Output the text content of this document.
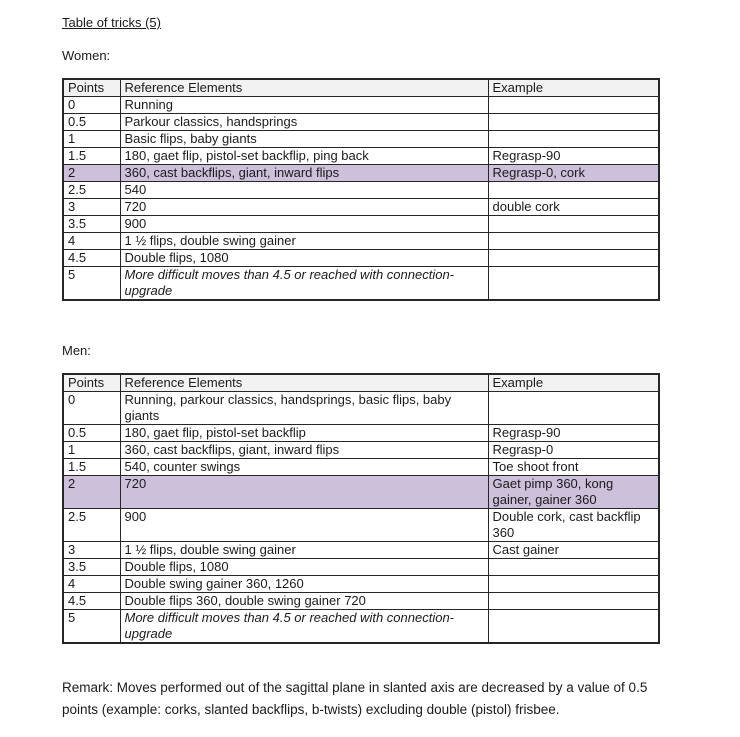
Table of tricks (5)

Women:

Points	Reference Elements	Example
0	Running	
0.5	Parkour classics, handsprings	
1	Basic flips, baby giants	
1.5	180, gaet flip, pistol-set backflip, ping back	Regrasp-90
2	360, cast backflips, giant, inward flips	Regrasp-0, cork
2.5	540	
3	720	double cork
3.5	900	
4	1 ½ flips, double swing gainer	
4.5	Double flips, 1080	
5	More difficult moves than 4.5 or reached with connection-upgrade	

Men:

Points	Reference Elements	Example
0	Running, parkour classics, handsprings, basic flips, baby giants	
0.5	180, gaet flip, pistol-set backflip	Regrasp-90
1	360, cast backflips, giant, inward flips	Regrasp-0
1.5	540, counter swings	Toe shoot front
2	720	Gaet pimp 360, kong gainer, gainer 360
2.5	900	Double cork, cast backflip 360
3	1 ½ flips, double swing gainer	Cast gainer
3.5	Double flips, 1080	
4	Double swing gainer 360, 1260	
4.5	Double flips 360, double swing gainer 720	
5	More difficult moves than 4.5 or reached with connection-upgrade	

Remark: Moves performed out of the sagittal plane in slanted axis are decreased by a value of 0.5 points (example: corks, slanted backflips, b-twists) excluding double (pistol) frisbee.
